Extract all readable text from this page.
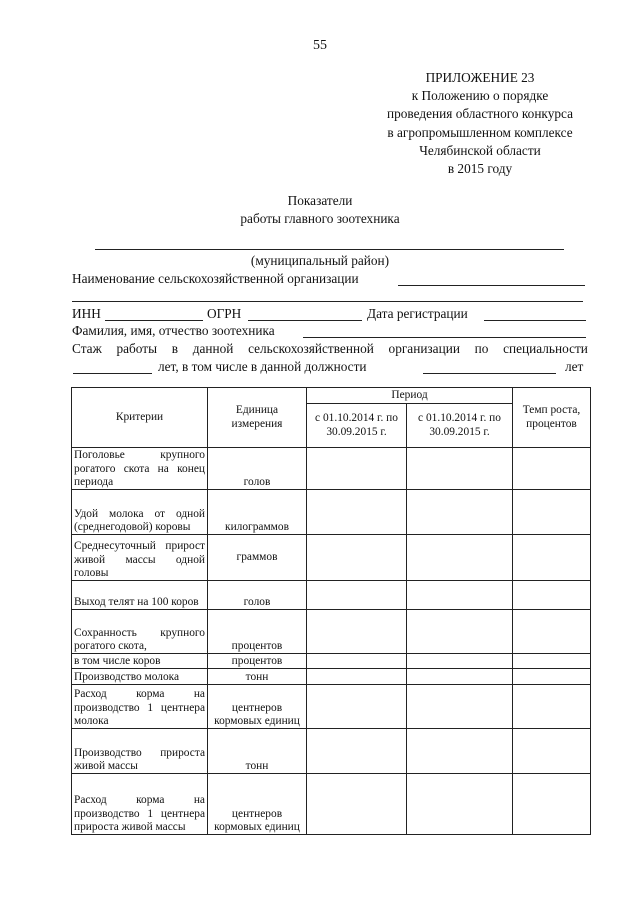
55
ПРИЛОЖЕНИЕ 23
к Положению о порядке
проведения областного конкурса
в агропромышленном комплексе
Челябинской области
в 2015 году
Показатели
работы главного зоотехника
(муниципальный район)
Наименование сельскохозяйственной организации
ИНН	ОГРН	Дата регистрации
Фамилия, имя, отчество зоотехника
Стаж работы в данной сельскохозяйственной организации по специальности
лет, в том числе в данной должности	лет
Критерии	Единица измерения	Период		Темп роста, процентов
		с 01.10.2014 г. по 30.09.2015 г.	с 01.10.2014 г. по 30.09.2015 г.	
Поголовье крупного рогатого скота на конец периода	голов			
Удой молока от одной (среднегодовой) коровы	килограммов			
Среднесуточный прирост живой массы одной головы	граммов			
Выход телят на 100 коров	голов			
Сохранность крупного рогатого скота,	процентов			
в том числе коров	процентов			
Производство молока	тонн			
Расход корма на производство 1 центнера молока	центнеров кормовых единиц			
Производство прироста живой массы	тонн			
Расход корма на производство 1 центнера прироста живой массы	центнеров кормовых единиц			
